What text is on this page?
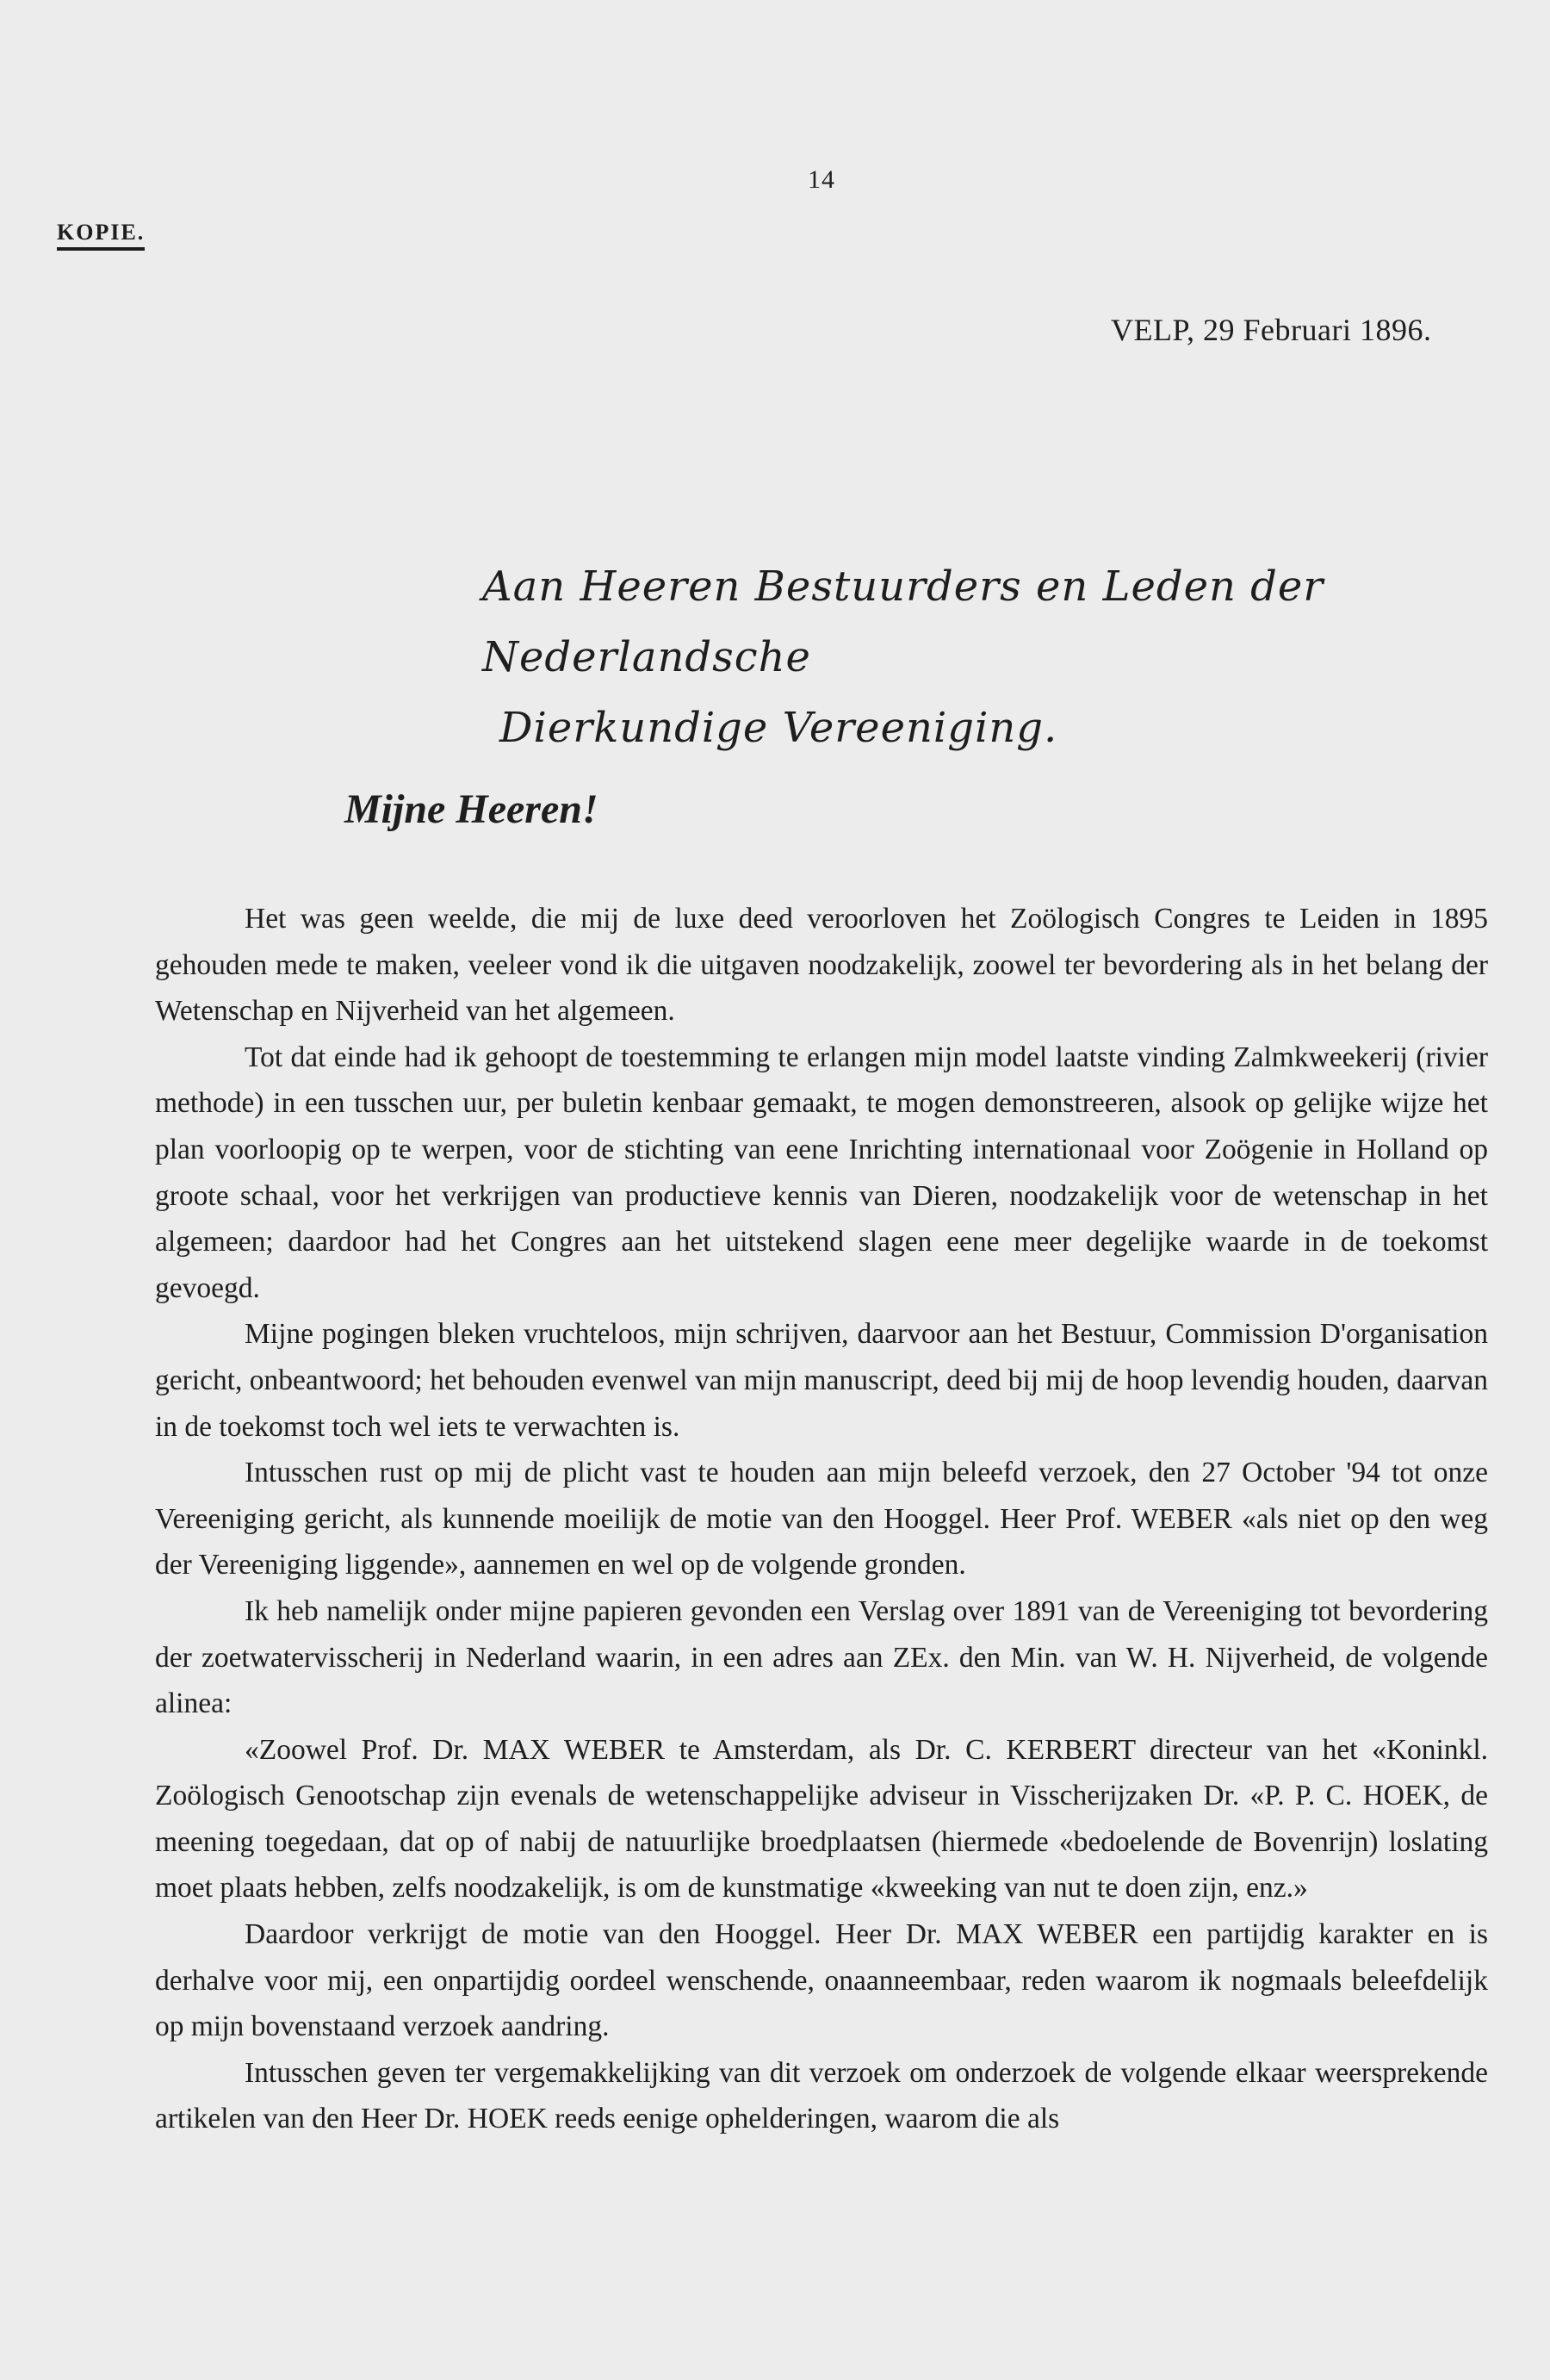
14
KOPIE.
VELP, 29 Februari 1896.
Aan Heeren Bestuurders en Leden der Nederlandsche
Dierkundige Vereeniging.
Mijne Heeren!

Het was geen weelde, die mij de luxe deed veroorloven het Zoölogisch Congres te Leiden in 1895 gehouden mede te maken, veeleer vond ik die uitgaven noodzakelijk, zoowel ter bevordering als in het belang der Wetenschap en Nijverheid van het algemeen.

Tot dat einde had ik gehoopt de toestemming te erlangen mijn model laatste vinding Zalmkweekerij (rivier methode) in een tusschen uur, per buletin kenbaar gemaakt, te mogen demonstreeren, alsook op gelijke wijze het plan voorloopig op te werpen, voor de stichting van eene Inrichting internationaal voor Zoögenie in Holland op groote schaal, voor het verkrijgen van productieve kennis van Dieren, noodzakelijk voor de wetenschap in het algemeen; daardoor had het Congres aan het uitstekend slagen eene meer degelijke waarde in de toekomst gevoegd.

Mijne pogingen bleken vruchteloos, mijn schrijven, daarvoor aan het Bestuur, Commission D'organisation gericht, onbeantwoord; het behouden evenwel van mijn manuscript, deed bij mij de hoop levendig houden, daarvan in de toekomst toch wel iets te verwachten is.

Intusschen rust op mij de plicht vast te houden aan mijn beleefd verzoek, den 27 October '94 tot onze Vereeniging gericht, als kunnende moeilijk de motie van den Hooggel. Heer Prof. WEBER «als niet op den weg der Vereeniging liggende», aannemen en wel op de volgende gronden.

Ik heb namelijk onder mijne papieren gevonden een Verslag over 1891 van de Vereeniging tot bevordering der zoetwatervisscherij in Nederland waarin, in een adres aan ZEx. den Min. van W. H. Nijverheid, de volgende alinea:

«Zoowel Prof. Dr. MAX WEBER te Amsterdam, als Dr. C. KERBERT directeur van het «Koninkl. Zoölogisch Genootschap zijn evenals de wetenschappelijke adviseur in Visscherijzaken Dr. «P. P. C. HOEK, de meening toegedaan, dat op of nabij de natuurlijke broedplaatsen (hiermede «bedoelende de Bovenrijn) loslating moet plaats hebben, zelfs noodzakelijk, is om de kunstmatige «kweeking van nut te doen zijn, enz.»

Daardoor verkrijgt de motie van den Hooggel. Heer Dr. MAX WEBER een partijdig karakter en is derhalve voor mij, een onpartijdig oordeel wenschende, onaanneembaar, reden waarom ik nogmaals beleefdelijk op mijn bovenstaand verzoek aandring.

Intusschen geven ter vergemakkelijking van dit verzoek om onderzoek de volgende elkaar weersprekende artikelen van den Heer Dr. HOEK reeds eenige ophelderingen, waarom die als
